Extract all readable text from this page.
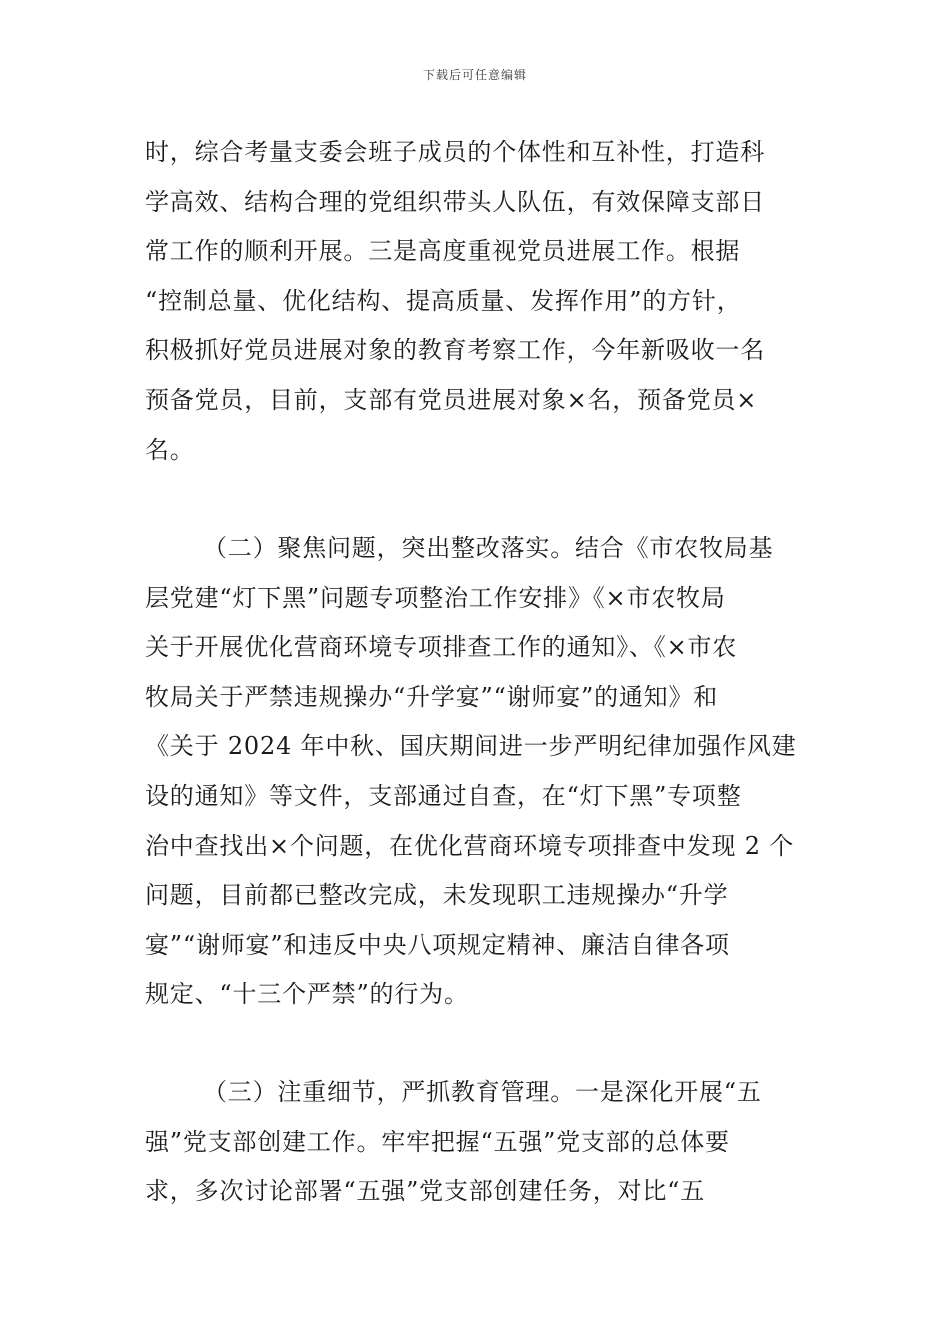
下载后可任意编辑
时，综合考量支委会班子成员的个体性和互补性，打造科
学高效、结构合理的党组织带头人队伍，有效保障支部日
常工作的顺利开展。三是高度重视党员进展工作。根据
“控制总量、优化结构、提高质量、发挥作用”的方针，
积极抓好党员进展对象的教育考察工作，今年新吸收一名
预备党员，目前，支部有党员进展对象×名，预备党员×
名。
（二）聚焦问题，突出整改落实。结合《市农牧局基
层党建“灯下黑”问题专项整治工作安排》《×市农牧局
关于开展优化营商环境专项排查工作的通知》、《×市农
牧局关于严禁违规操办“升学宴”“谢师宴”的通知》和
《关于 2024 年中秋、国庆期间进一步严明纪律加强作风建
设的通知》等文件，支部通过自查，在“灯下黑”专项整
治中查找出×个问题，在优化营商环境专项排查中发现 2 个
问题，目前都已整改完成，未发现职工违规操办“升学
宴”“谢师宴”和违反中央八项规定精神、廉洁自律各项
规定、“十三个严禁”的行为。
（三）注重细节，严抓教育管理。一是深化开展“五
强”党支部创建工作。牢牢把握“五强”党支部的总体要
求，多次讨论部署“五强”党支部创建任务，对比“五
